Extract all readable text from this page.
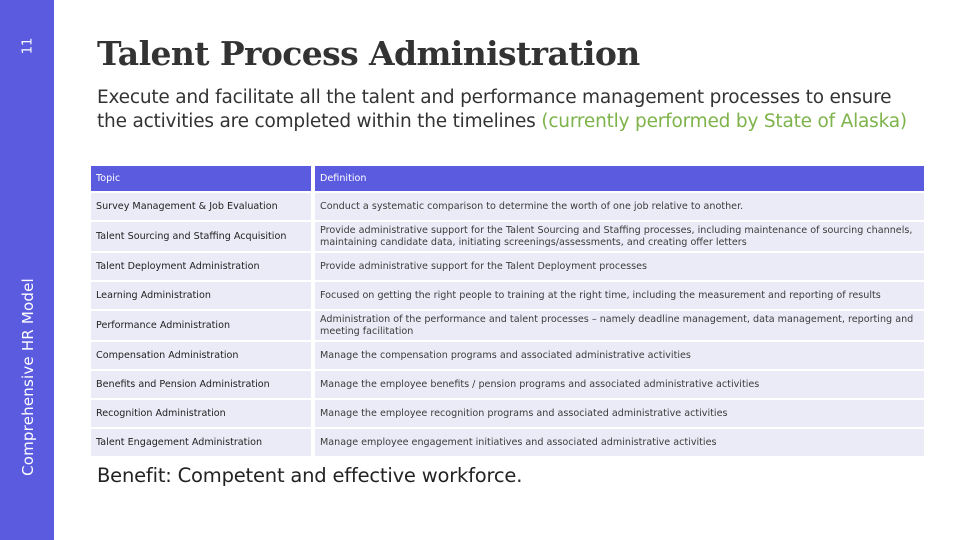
11
Comprehensive HR Model
Talent Process Administration

Execute and facilitate all the talent and performance management processes to ensure the activities are completed within the timelines (currently performed by State of Alaska)

Topic	Definition
Survey Management & Job Evaluation	Conduct a systematic comparison to determine the worth of one job relative to another.
Talent Sourcing and Staffing Acquisition	Provide administrative support for the Talent Sourcing and Staffing processes, including maintenance of sourcing channels, maintaining candidate data, initiating screenings/assessments, and creating offer letters
Talent Deployment Administration	Provide administrative support for the Talent Deployment processes
Learning Administration	Focused on getting the right people to training at the right time, including the measurement and reporting of results
Performance Administration	Administration of the performance and talent processes – namely deadline management, data management, reporting and meeting facilitation
Compensation Administration	Manage the compensation programs and associated administrative activities
Benefits and Pension Administration	Manage the employee benefits / pension programs and associated administrative activities
Recognition Administration	Manage the employee recognition programs and associated administrative activities
Talent Engagement Administration	Manage employee engagement initiatives and associated administrative activities
Benefit: Competent and effective workforce.
